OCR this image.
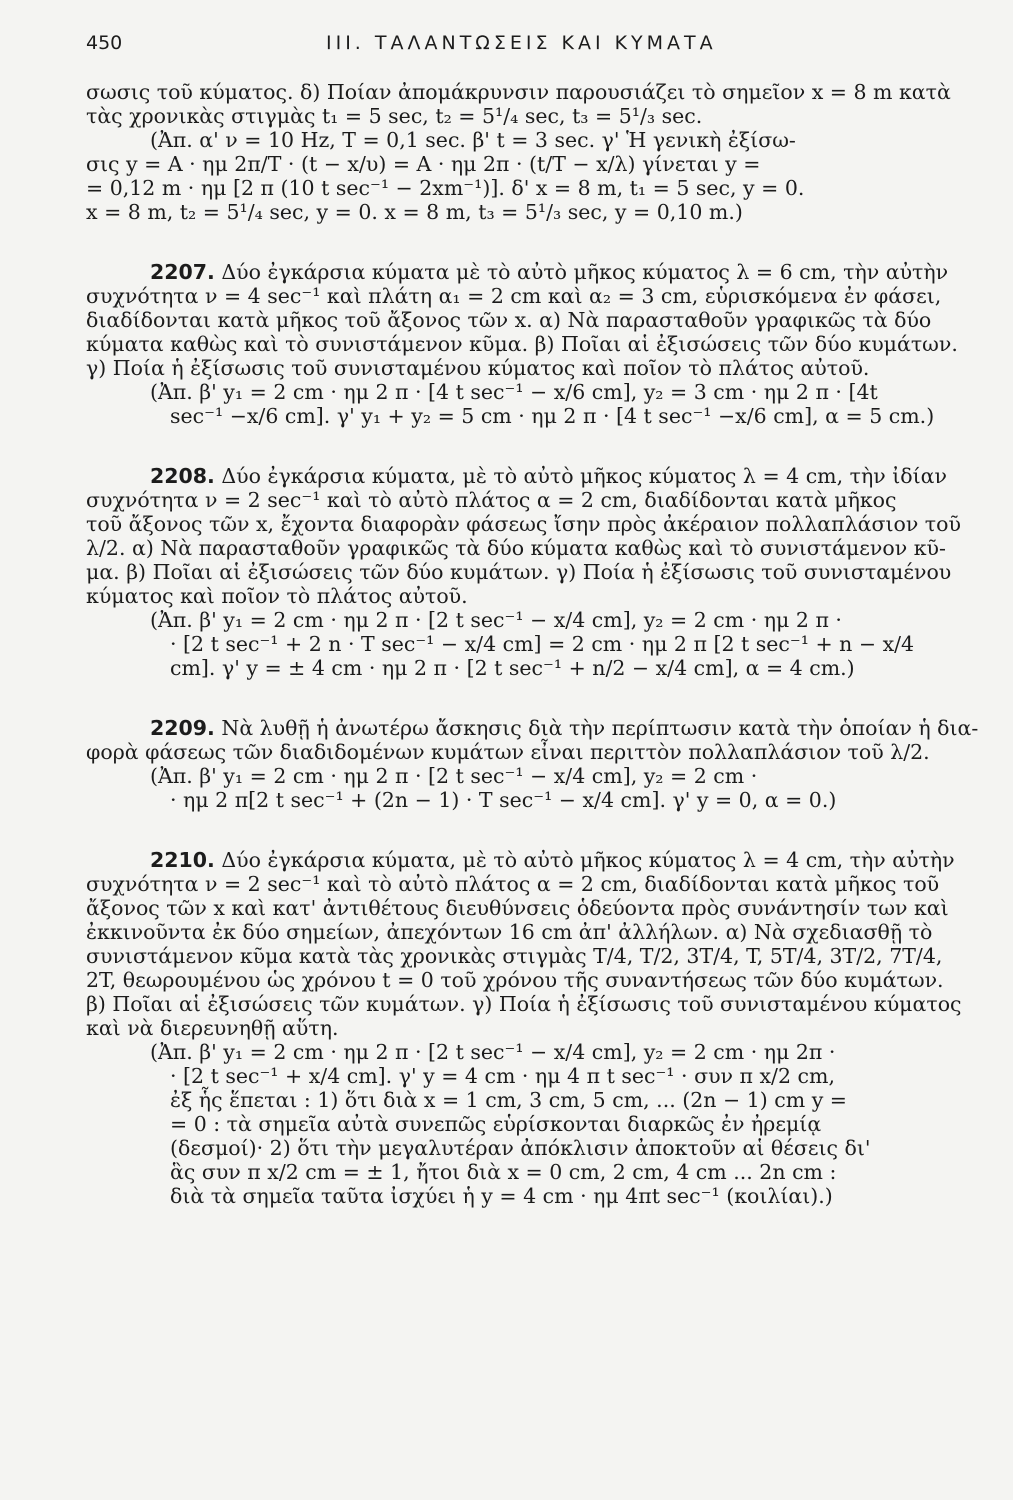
450	ΙΙΙ. ΤΑΛΑΝΤΩΣΕΙΣ ΚΑΙ ΚΥΜΑΤΑ
σωσις τοῦ κύματος. δ) Ποίαν ἀπομάκρυνσιν παρουσιάζει τὸ σημεῖον x = 8 m κατὰ
τὰς χρονικὰς στιγμὰς t₁ = 5 sec, t₂ = 5¹/₄ sec, t₃ = 5¹/₃ sec.
(Ἀπ. α' ν = 10 Hz, T = 0,1 sec. β' t = 3 sec. γ' Ἡ γενικὴ ἐξίσω-
σις y = A · ημ 2π/T · (t − x/υ) = A · ημ 2π · (t/T − x/λ) γίνεται y =
= 0,12 m · ημ [2 π (10 t sec⁻¹ − 2xm⁻¹)]. δ' x = 8 m, t₁ = 5 sec, y = 0.
x = 8 m, t₂ = 5¹/₄ sec, y = 0. x = 8 m, t₃ = 5¹/₃ sec, y = 0,10 m.)
2207. Δύο ἐγκάρσια κύματα μὲ τὸ αὐτὸ μῆκος κύματος λ = 6 cm, τὴν αὐτὴν
συχνότητα ν = 4 sec⁻¹ καὶ πλάτη α₁ = 2 cm καὶ α₂ = 3 cm, εὑρισκόμενα ἐν φάσει,
διαδίδονται κατὰ μῆκος τοῦ ἄξονος τῶν x. α) Νὰ παρασταθοῦν γραφικῶς τὰ δύο
κύματα καθὼς καὶ τὸ συνιστάμενον κῦμα. β) Ποῖαι αἱ ἐξισώσεις τῶν δύο κυμάτων.
γ) Ποία ἡ ἐξίσωσις τοῦ συνισταμένου κύματος καὶ ποῖον τὸ πλάτος αὐτοῦ.
(Ἀπ. β' y₁ = 2 cm · ημ 2 π · [4 t sec⁻¹ − x/6 cm], y₂ = 3 cm · ημ 2 π · [4t
sec⁻¹ −x/6 cm]. γ' y₁ + y₂ = 5 cm · ημ 2 π · [4 t sec⁻¹ −x/6 cm], α = 5 cm.)
2208. Δύο ἐγκάρσια κύματα, μὲ τὸ αὐτὸ μῆκος κύματος λ = 4 cm, τὴν ἰδίαν
συχνότητα ν = 2 sec⁻¹ καὶ τὸ αὐτὸ πλάτος α = 2 cm, διαδίδονται κατὰ μῆκος
τοῦ ἄξονος τῶν x, ἔχοντα διαφορὰν φάσεως ἴσην πρὸς ἀκέραιον πολλαπλάσιον τοῦ
λ/2. α) Νὰ παρασταθοῦν γραφικῶς τὰ δύο κύματα καθὼς καὶ τὸ συνιστάμενον κῦ-
μα. β) Ποῖαι αἱ ἐξισώσεις τῶν δύο κυμάτων. γ) Ποία ἡ ἐξίσωσις τοῦ συνισταμένου
κύματος καὶ ποῖον τὸ πλάτος αὐτοῦ.
(Ἀπ. β' y₁ = 2 cm · ημ 2 π · [2 t sec⁻¹ − x/4 cm], y₂ = 2 cm · ημ 2 π ·
· [2 t sec⁻¹ + 2 n · T sec⁻¹ − x/4 cm] = 2 cm · ημ 2 π [2 t sec⁻¹ + n − x/4
cm]. γ' y = ± 4 cm · ημ 2 π · [2 t sec⁻¹ + n/2 − x/4 cm], α = 4 cm.)
2209. Νὰ λυθῇ ἡ ἀνωτέρω ἄσκησις διὰ τὴν περίπτωσιν κατὰ τὴν ὁποίαν ἡ δια-
φορὰ φάσεως τῶν διαδιδομένων κυμάτων εἶναι περιττὸν πολλαπλάσιον τοῦ λ/2.
(Ἀπ. β' y₁ = 2 cm · ημ 2 π · [2 t sec⁻¹ − x/4 cm], y₂ = 2 cm ·
· ημ 2 π[2 t sec⁻¹ + (2n − 1) · T sec⁻¹ − x/4 cm]. γ' y = 0, α = 0.)
2210. Δύο ἐγκάρσια κύματα, μὲ τὸ αὐτὸ μῆκος κύματος λ = 4 cm, τὴν αὐτὴν
συχνότητα ν = 2 sec⁻¹ καὶ τὸ αὐτὸ πλάτος α = 2 cm, διαδίδονται κατὰ μῆκος τοῦ
ἄξονος τῶν x καὶ κατ' ἀντιθέτους διευθύνσεις ὁδεύοντα πρὸς συνάντησίν των καὶ
ἐκκινοῦντα ἐκ δύο σημείων, ἀπεχόντων 16 cm ἀπ' ἀλλήλων. α) Νὰ σχεδιασθῇ τὸ
συνιστάμενον κῦμα κατὰ τὰς χρονικὰς στιγμὰς T/4, T/2, 3T/4, T, 5T/4, 3T/2, 7T/4,
2T, θεωρουμένου ὡς χρόνου t = 0 τοῦ χρόνου τῆς συναντήσεως τῶν δύο κυμάτων.
β) Ποῖαι αἱ ἐξισώσεις τῶν κυμάτων. γ) Ποία ἡ ἐξίσωσις τοῦ συνισταμένου κύματος
καὶ νὰ διερευνηθῇ αὕτη.
(Ἀπ. β' y₁ = 2 cm · ημ 2 π · [2 t sec⁻¹ − x/4 cm], y₂ = 2 cm · ημ 2π ·
· [2 t sec⁻¹ + x/4 cm]. γ' y = 4 cm · ημ 4 π t sec⁻¹ · συν π x/2 cm,
ἐξ ἧς ἕπεται : 1) ὅτι διὰ x = 1 cm, 3 cm, 5 cm, ... (2n − 1) cm y =
= 0 : τὰ σημεῖα αὐτὰ συνεπῶς εὑρίσκονται διαρκῶς ἐν ἠρεμίᾳ
(δεσμοί)· 2) ὅτι τὴν μεγαλυτέραν ἀπόκλισιν ἀποκτοῦν αἱ θέσεις δι'
ἃς συν π x/2 cm = ± 1, ἤτοι διὰ x = 0 cm, 2 cm, 4 cm ... 2n cm :
διὰ τὰ σημεῖα ταῦτα ἰσχύει ἡ y = 4 cm · ημ 4πt sec⁻¹ (κοιλίαι).)
